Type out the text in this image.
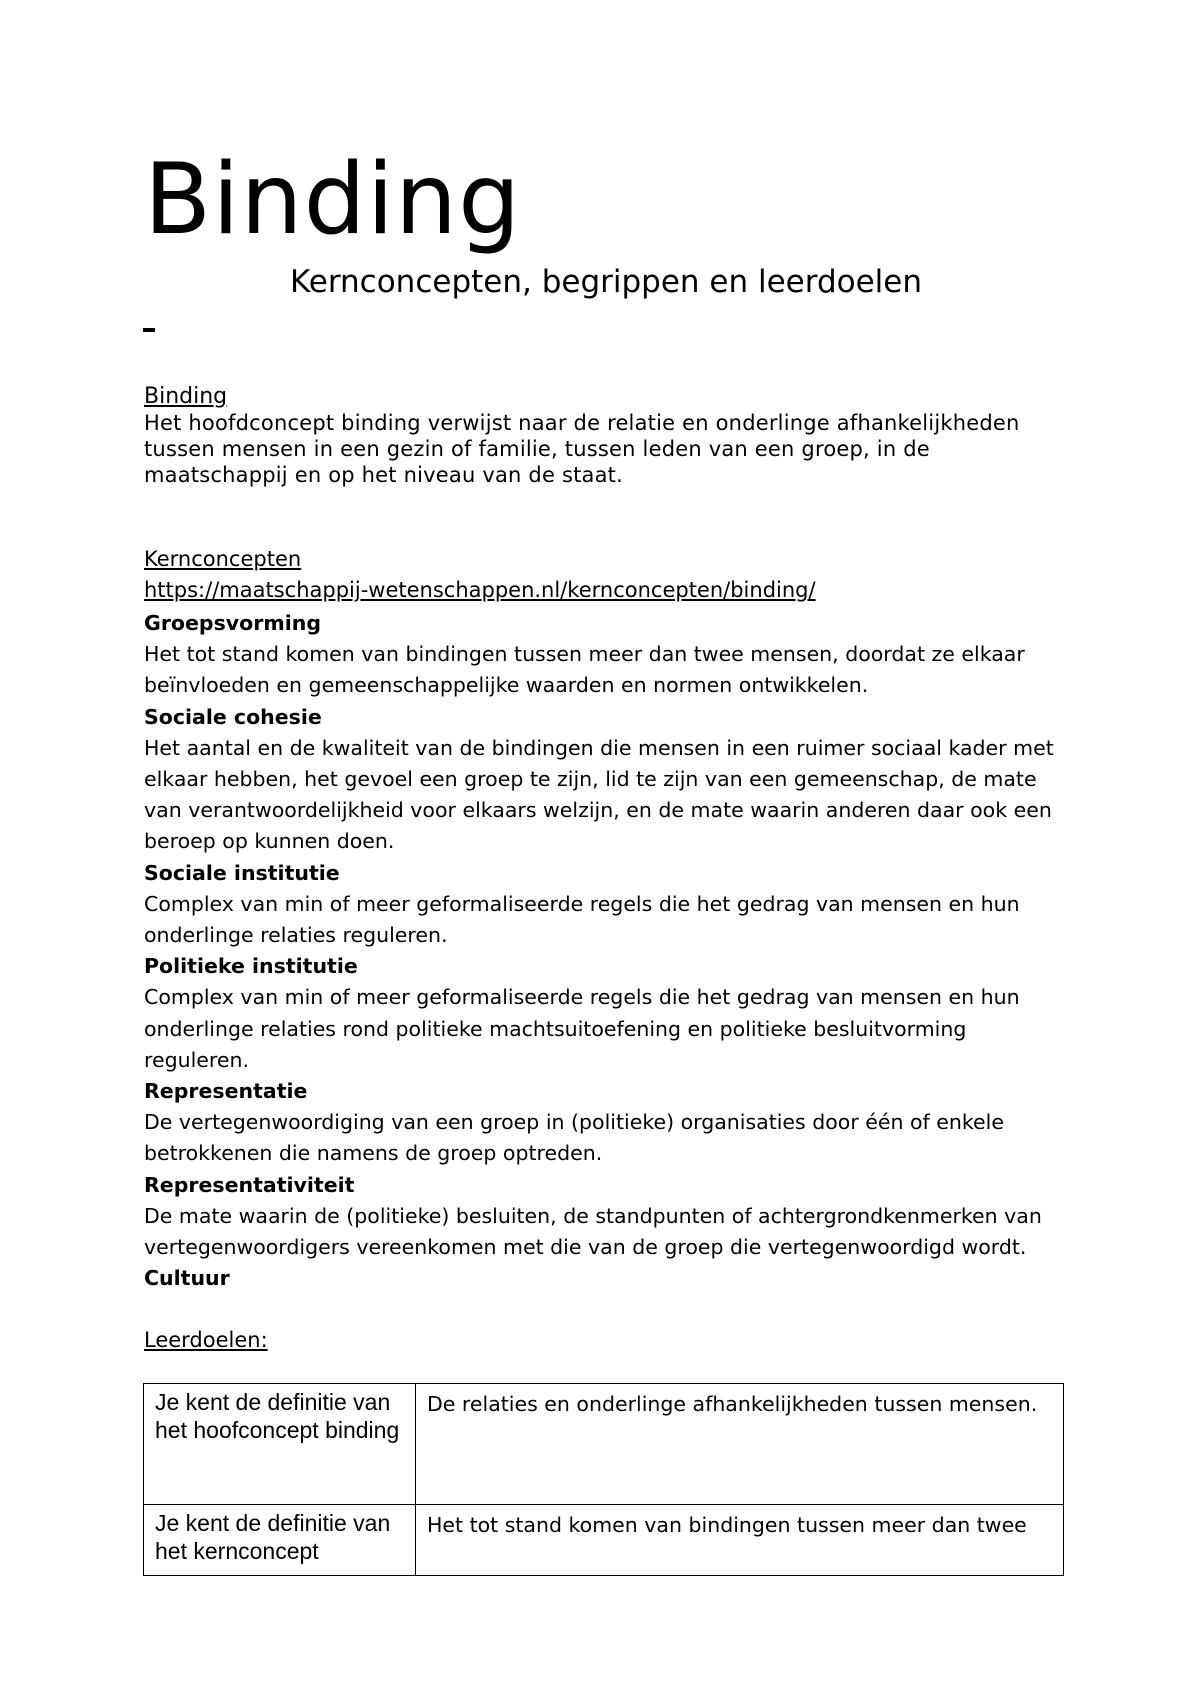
Binding
Kernconcepten, begrippen en leerdoelen

Binding

Het hoofdconcept binding verwijst naar de relatie en onderlinge afhankelijkheden tussen mensen in een gezin of familie, tussen leden van een groep, in de maatschappij en op het niveau van de staat.

Kernconcepten

https://maatschappij-wetenschappen.nl/kernconcepten/binding/

Groepsvorming

Het tot stand komen van bindingen tussen meer dan twee mensen, doordat ze elkaar beïnvloeden en gemeenschappelijke waarden en normen ontwikkelen.

Sociale cohesie

Het aantal en de kwaliteit van de bindingen die mensen in een ruimer sociaal kader met elkaar hebben, het gevoel een groep te zijn, lid te zijn van een gemeenschap, de mate van verantwoordelijkheid voor elkaars welzijn, en de mate waarin anderen daar ook een beroep op kunnen doen.

Sociale institutie

Complex van min of meer geformaliseerde regels die het gedrag van mensen en hun onderlinge relaties reguleren.

Politieke institutie

Complex van min of meer geformaliseerde regels die het gedrag van mensen en hun onderlinge relaties rond politieke machtsuitoefening en politieke besluitvorming reguleren.

Representatie

De vertegenwoordiging van een groep in (politieke) organisaties door één of enkele betrokkenen die namens de groep optreden.

Representativiteit

De mate waarin de (politieke) besluiten, de standpunten of achtergrondkenmerken van vertegenwoordigers vereenkomen met die van de groep die vertegenwoordigd wordt.

Cultuur

Leerdoelen:

Je kent de definitie van het hoofconcept binding	De relaties en onderlinge afhankelijkheden tussen mensen.

Je kent de definitie van het kernconcept	Het tot stand komen van bindingen tussen meer dan twee
